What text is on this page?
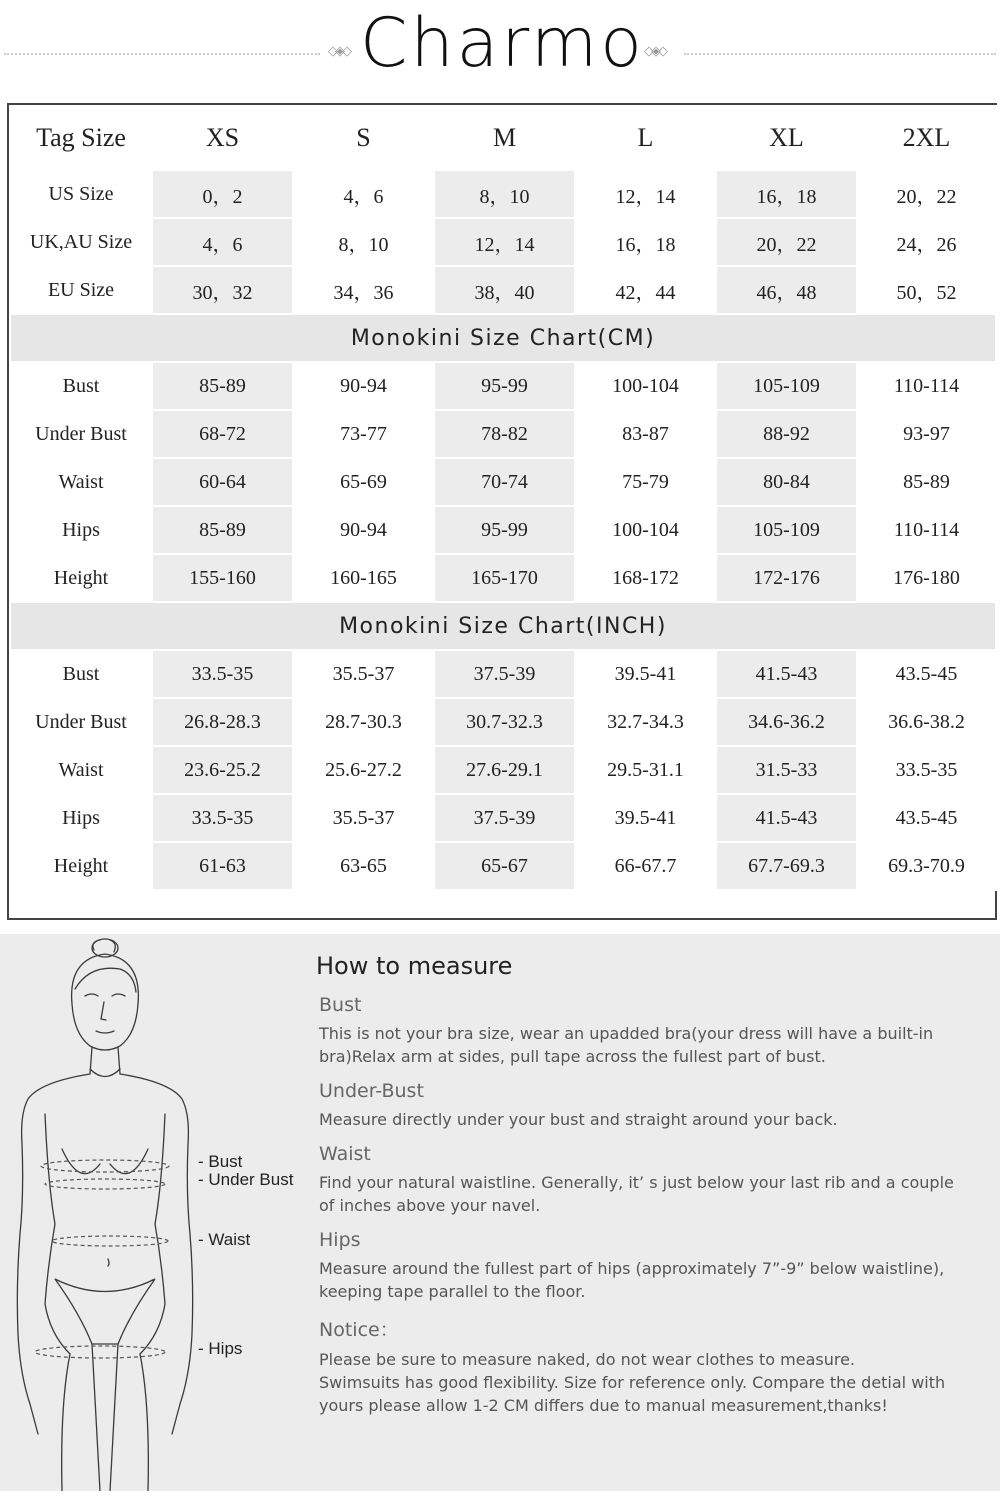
◇◈◇ Charmo ◇◈◇
Tag Size	XS	S	M	L	XL	2XL
US Size	0，2	4，6	8，10	12，14	16，18	20，22
UK,AU Size	4，6	8，10	12，14	16，18	20，22	24，26
EU Size	30，32	34，36	38，40	42，44	46，48	50，52
Monokini Size Chart(CM)						
Bust	85-89	90-94	95-99	100-104	105-109	110-114
Under Bust	68-72	73-77	78-82	83-87	88-92	93-97
Waist	60-64	65-69	70-74	75-79	80-84	85-89
Hips	85-89	90-94	95-99	100-104	105-109	110-114
Height	155-160	160-165	165-170	168-172	172-176	176-180
Monokini Size Chart(INCH)						
Bust	33.5-35	35.5-37	37.5-39	39.5-41	41.5-43	43.5-45
Under Bust	26.8-28.3	28.7-30.3	30.7-32.3	32.7-34.3	34.6-36.2	36.6-38.2
Waist	23.6-25.2	25.6-27.2	27.6-29.1	29.5-31.1	31.5-33	33.5-35
Hips	33.5-35	35.5-37	37.5-39	39.5-41	41.5-43	43.5-45
Height	61-63	63-65	65-67	66-67.7	67.7-69.3	69.3-70.9
- Bust
- Under Bust
- Waist
- Hips
How to measure
Bust
This is not your bra size, wear an upadded bra(your dress will have a built-in
bra)Relax arm at sides, pull tape across the fullest part of bust.
Under-Bust
Measure directly under your bust and straight around your back.
Waist
Find your natural waistline. Generally, it’ s just below your last rib and a couple
of inches above your navel.
Hips
Measure around the fullest part of hips (approximately 7”-9” below waistline),
keeping tape parallel to the floor.
Notice：
Please be sure to measure naked, do not wear clothes to measure.
Swimsuits has good flexibility. Size for reference only. Compare the detial with
yours please allow 1-2 CM differs due to manual measurement,thanks!
